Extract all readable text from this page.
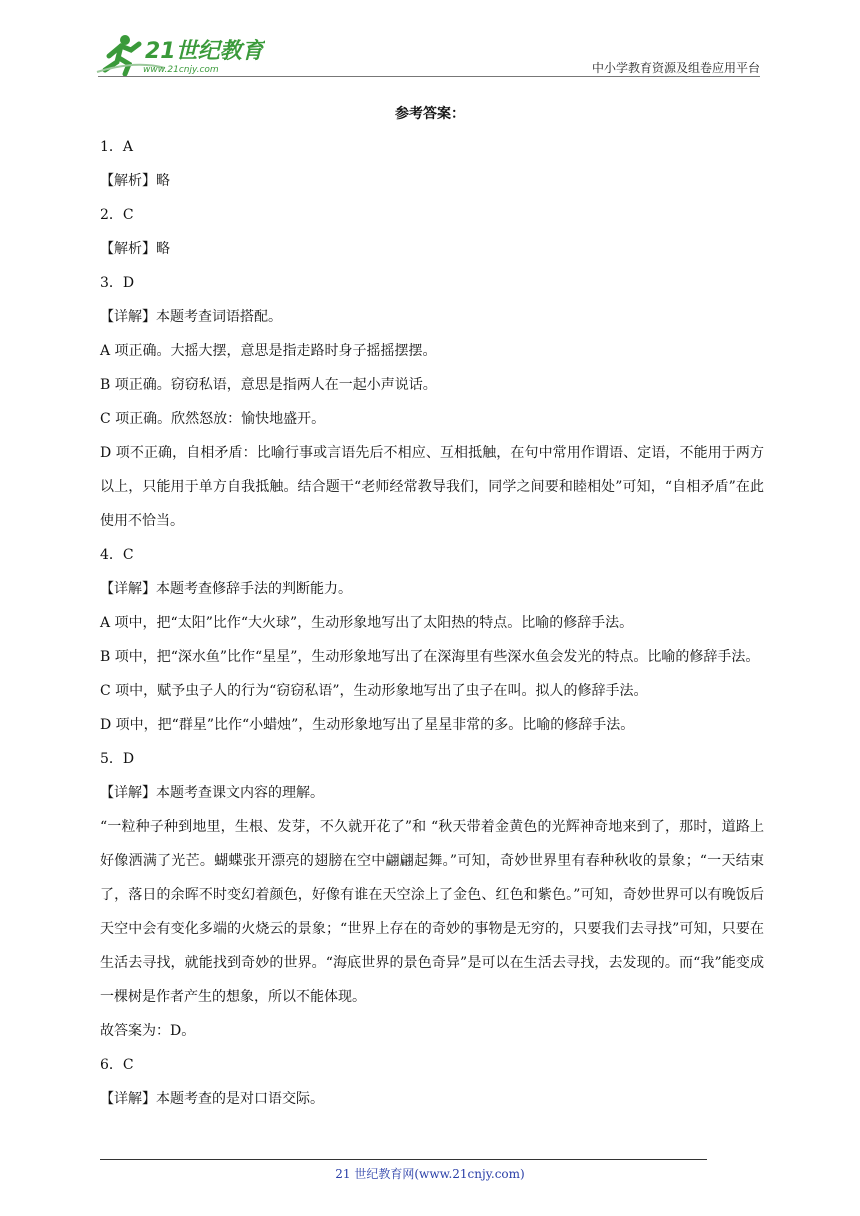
21世纪教育
www.21cnjy.com	中小学教育资源及组卷应用平台
参考答案：

1．A

【解析】略

2．C

【解析】略

3．D

【详解】本题考查词语搭配。

A 项正确。大摇大摆，意思是指走路时身子摇摇摆摆。

B 项正确。窃窃私语，意思是指两人在一起小声说话。

C 项正确。欣然怒放：愉快地盛开。

D 项不正确，自相矛盾：比喻行事或言语先后不相应、互相抵触，在句中常用作谓语、定语，不能用于两方以上，只能用于单方自我抵触。结合题干“老师经常教导我们，同学之间要和睦相处”可知，“自相矛盾”在此使用不恰当。

4．C

【详解】本题考查修辞手法的判断能力。

A 项中，把“太阳”比作“大火球”，生动形象地写出了太阳热的特点。比喻的修辞手法。

B 项中，把“深水鱼”比作“星星”，生动形象地写出了在深海里有些深水鱼会发光的特点。比喻的修辞手法。

C 项中，赋予虫子人的行为“窃窃私语”，生动形象地写出了虫子在叫。拟人的修辞手法。

D 项中，把“群星”比作“小蜡烛”，生动形象地写出了星星非常的多。比喻的修辞手法。

5．D

【详解】本题考查课文内容的理解。

“一粒种子种到地里，生根、发芽，不久就开花了”和 “秋天带着金黄色的光辉神奇地来到了，那时，道路上好像洒满了光芒。蝴蝶张开漂亮的翅膀在空中翩翩起舞。”可知，奇妙世界里有春种秋收的景象；“一天结束了，落日的余晖不时变幻着颜色，好像有谁在天空涂上了金色、红色和紫色。”可知，奇妙世界可以有晚饭后天空中会有变化多端的火烧云的景象；“世界上存在的奇妙的事物是无穷的，只要我们去寻找”可知，只要在生活去寻找，就能找到奇妙的世界。“海底世界的景色奇异”是可以在生活去寻找，去发现的。而“我”能变成一棵树是作者产生的想象，所以不能体现。

故答案为：D。

6．C

【详解】本题考查的是对口语交际。

21 世纪教育网(www.21cnjy.com)
